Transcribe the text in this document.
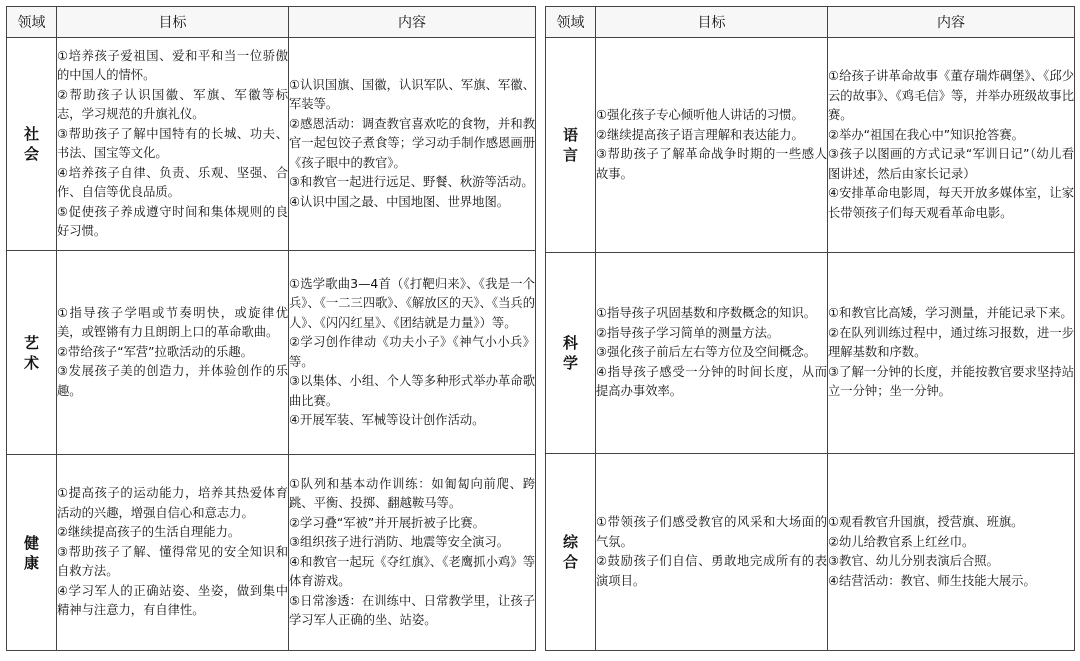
领域	目标	内容
社会	①培养孩子爱祖国、爱和平和当一位骄傲的中国人的情怀。
②帮助孩子认识国徽、军旗、军徽等标志，学习规范的升旗礼仪。
③帮助孩子了解中国特有的长城、功夫、书法、国宝等文化。
④培养孩子自律、负责、乐观、坚强、合作、自信等优良品质。
⑤促使孩子养成遵守时间和集体规则的良好习惯。	①认识国旗、国徽，认识军队、军旗、军徽、军装等。
②感恩活动：调查教官喜欢吃的食物，并和教官一起包饺子煮食等；学习动手制作感恩画册《孩子眼中的教官》。
③和教官一起进行远足、野餐、秋游等活动。
④认识中国之最、中国地图、世界地图。

艺术	①指导孩子学唱或节奏明快，或旋律优美，或铿锵有力且朗朗上口的革命歌曲。
②带给孩子“军营”拉歌活动的乐趣。
③发展孩子美的创造力，并体验创作的乐趣。	①选学歌曲3—4首（《打靶归来》、《我是一个兵》、《一二三四歌》、《解放区的天》、《当兵的人》、《闪闪红星》、《团结就是力量》）等。
②学习创作律动《功夫小子》《神气小小兵》等。
③以集体、小组、个人等多种形式举办革命歌曲比赛。
④开展军装、军械等设计创作活动。

健康	①提高孩子的运动能力，培养其热爱体育活动的兴趣，增强自信心和意志力。
②继续提高孩子的生活自理能力。
③帮助孩子了解、懂得常见的安全知识和自救方法。
④学习军人的正确站姿、坐姿，做到集中精神与注意力，有自律性。	①队列和基本动作训练：如匍匐向前爬、跨跳、平衡、投掷、翻越鞍马等。
②学习叠“军被”并开展折被子比赛。
③组织孩子进行消防、地震等安全演习。
④和教官一起玩《夺红旗》、《老鹰抓小鸡》等体育游戏。
⑤日常渗透：在训练中、日常教学里，让孩子学习军人正确的坐、站姿。
领域	目标	内容
语言	①强化孩子专心倾听他人讲话的习惯。
②继续提高孩子语言理解和表达能力。
③帮助孩子了解革命战争时期的一些感人故事。	①给孩子讲革命故事《董存瑞炸碉堡》、《邱少云的故事》、《鸡毛信》等，并举办班级故事比赛。
②举办“祖国在我心中”知识抢答赛。
③孩子以图画的方式记录“军训日记”（幼儿看图讲述，然后由家长记录）
④安排革命电影周，每天开放多媒体室，让家长带领孩子们每天观看革命电影。

科学	①指导孩子巩固基数和序数概念的知识。
②指导孩子学习简单的测量方法。
③强化孩子前后左右等方位及空间概念。
④指导孩子感受一分钟的时间长度，从而提高办事效率。	①和教官比高矮，学习测量，并能记录下来。
②在队列训练过程中，通过练习报数，进一步理解基数和序数。
③了解一分钟的长度，并能按教官要求坚持站立一分钟；坐一分钟。

综合	①带领孩子们感受教官的风采和大场面的气氛。
②鼓励孩子们自信、勇敢地完成所有的表演项目。	①观看教官升国旗，授营旗、班旗。
②幼儿给教官系上红丝巾。
③教官、幼儿分别表演后合照。
④结营活动：教官、师生技能大展示。
